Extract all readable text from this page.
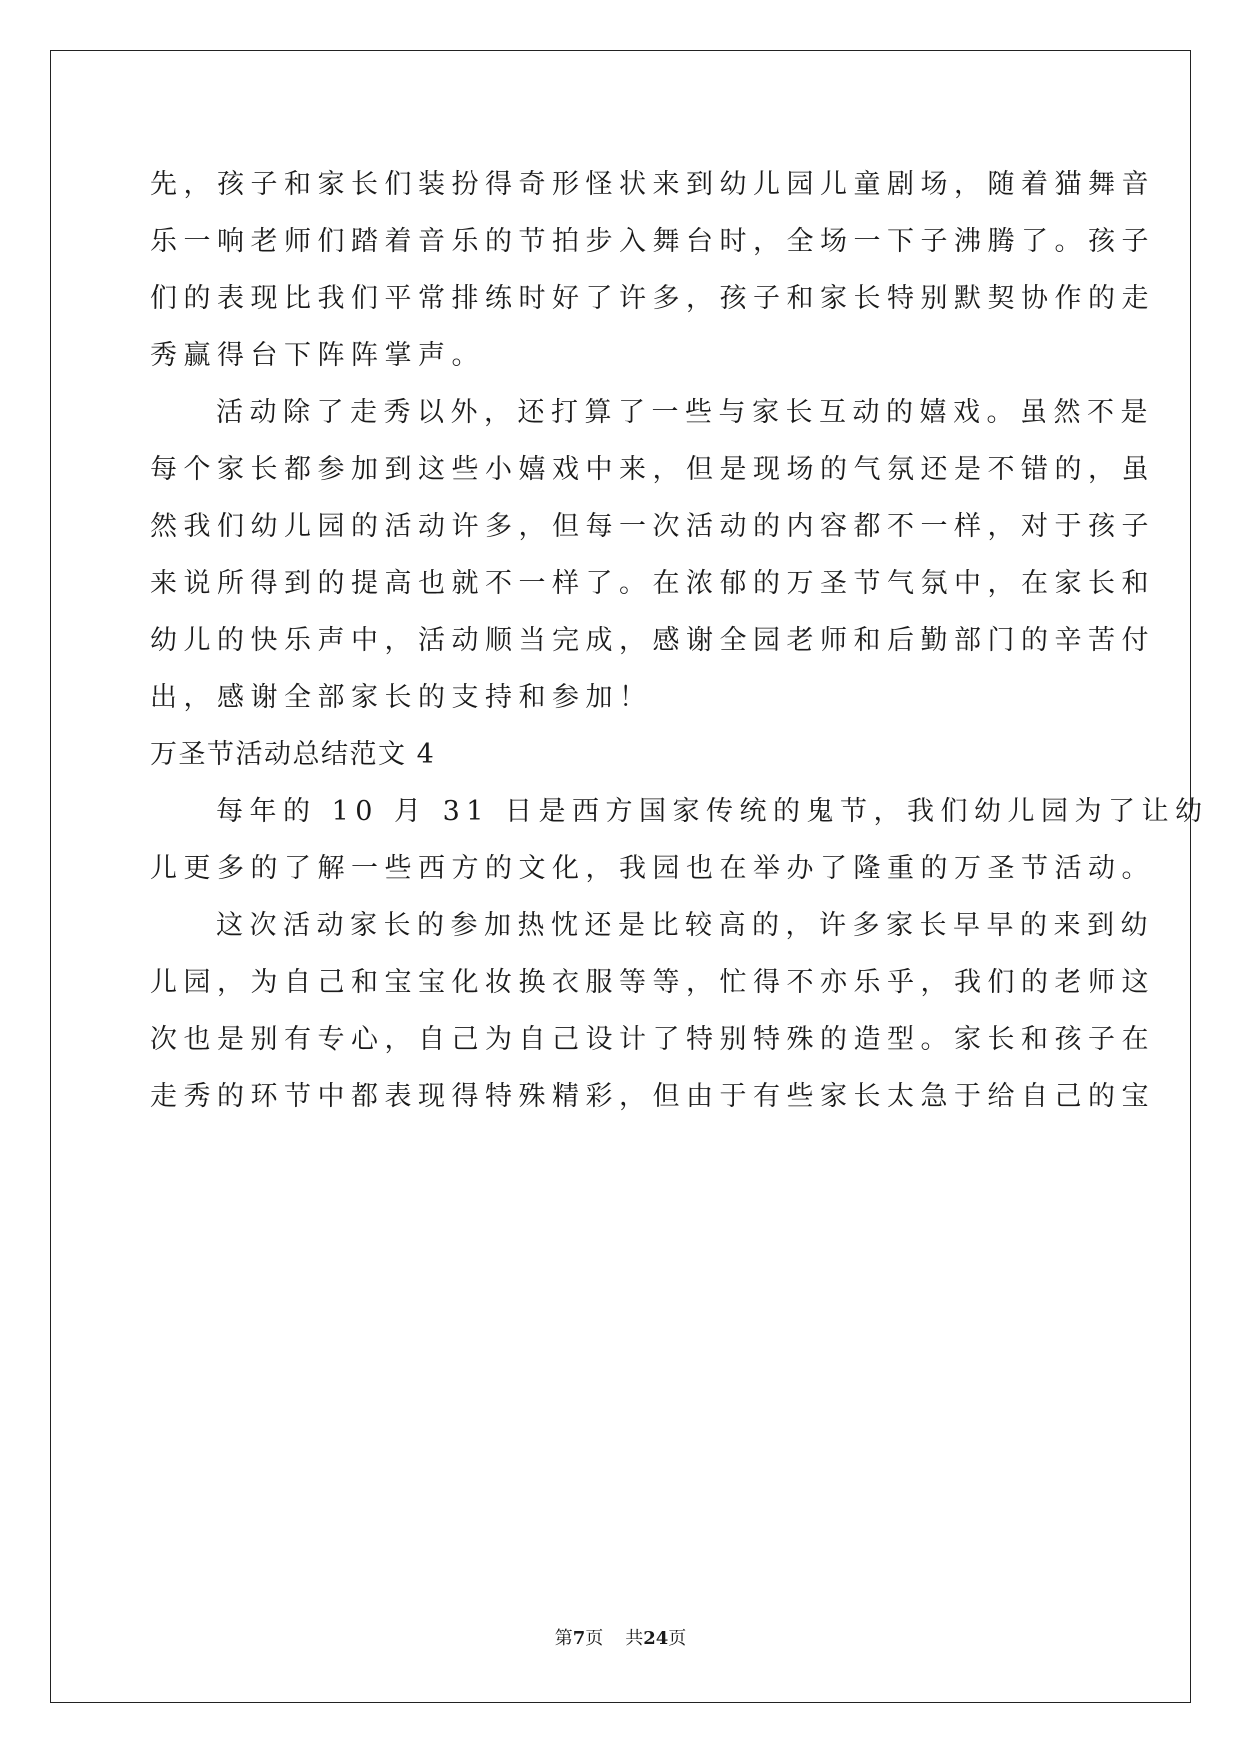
先，孩子和家长们装扮得奇形怪状来到幼儿园儿童剧场，随着猫舞音

乐一响老师们踏着音乐的节拍步入舞台时，全场一下子沸腾了。孩子

们的表现比我们平常排练时好了许多，孩子和家长特别默契协作的走

秀赢得台下阵阵掌声。

活动除了走秀以外，还打算了一些与家长互动的嬉戏。虽然不是

每个家长都参加到这些小嬉戏中来，但是现场的气氛还是不错的，虽

然我们幼儿园的活动许多，但每一次活动的内容都不一样，对于孩子

来说所得到的提高也就不一样了。在浓郁的万圣节气氛中，在家长和

幼儿的快乐声中，活动顺当完成，感谢全园老师和后勤部门的辛苦付

出，感谢全部家长的支持和参加！

万圣节活动总结范文 4

每年的 10 月 31 日是西方国家传统的鬼节，我们幼儿园为了让幼

儿更多的了解一些西方的文化，我园也在举办了隆重的万圣节活动。

这次活动家长的参加热忱还是比较高的，许多家长早早的来到幼

儿园，为自己和宝宝化妆换衣服等等，忙得不亦乐乎，我们的老师这

次也是别有专心，自己为自己设计了特别特殊的造型。家长和孩子在

走秀的环节中都表现得特殊精彩，但由于有些家长太急于给自己的宝

第7页 共24页
